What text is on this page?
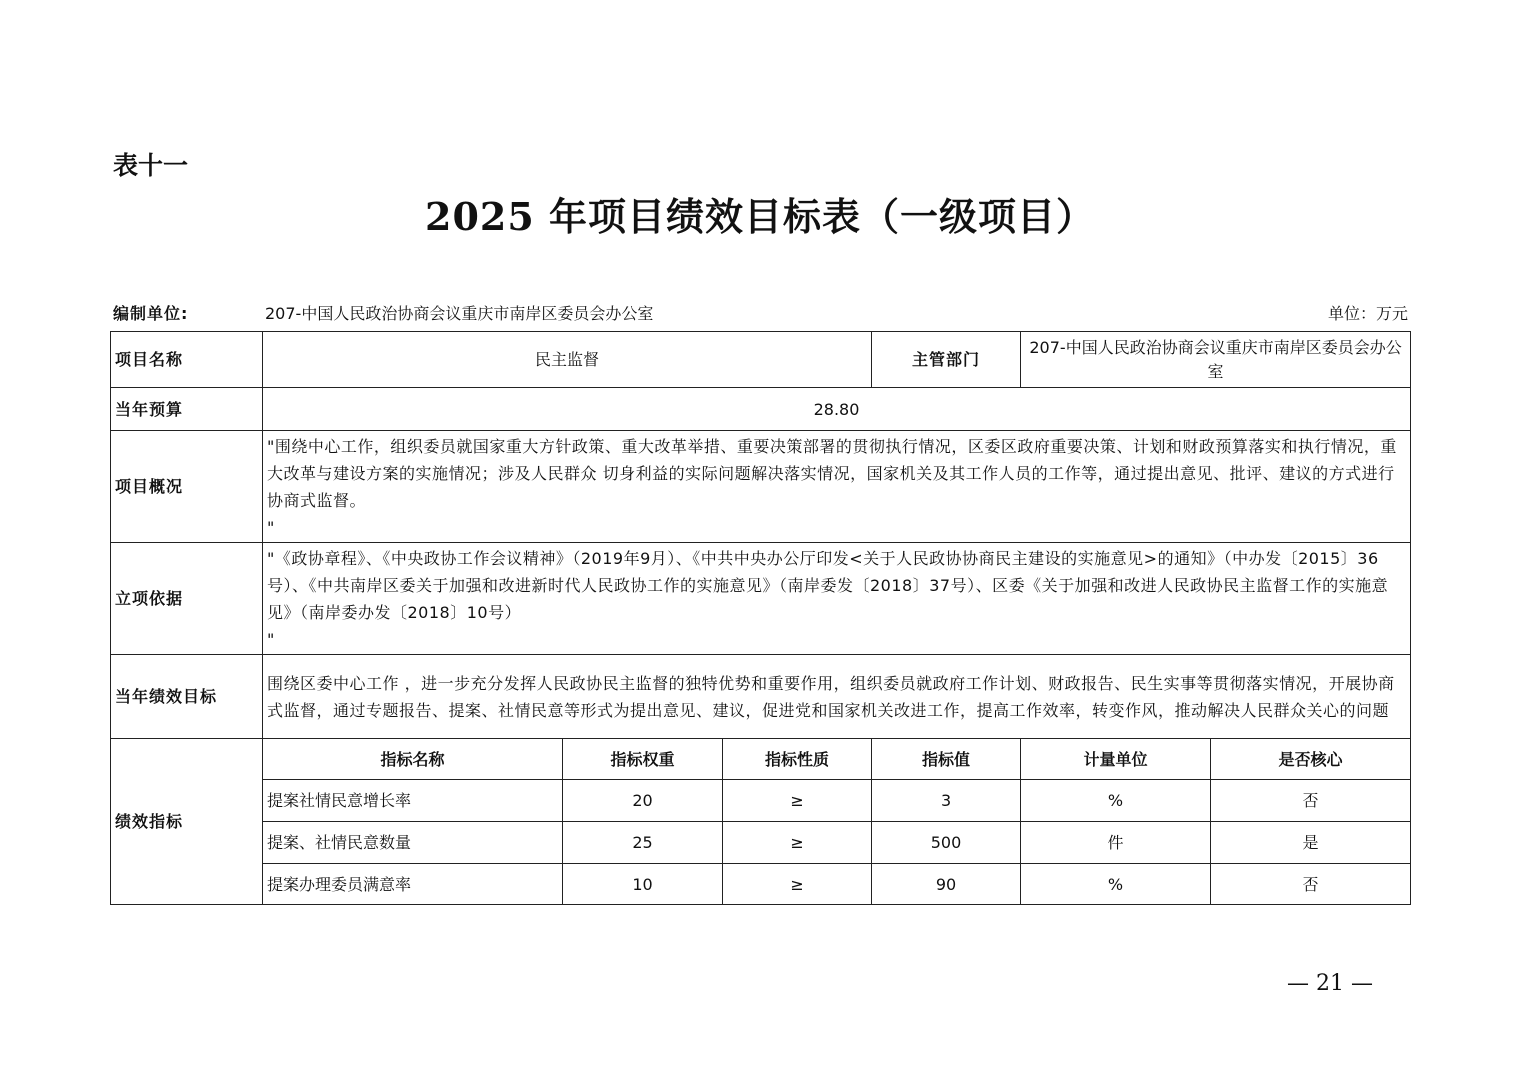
表十一
2025 年项目绩效目标表（一级项目）
编制单位:	207-中国人民政治协商会议重庆市南岸区委员会办公室	单位：万元
项目名称	民主监督			主管部门	207-中国人民政治协商会议重庆市南岸区委员会办公室	
当年预算	28.80					
项目概况	"围绕中心工作，组织委员就国家重大方针政策、重大改革举措、重要决策部署的贯彻执行情况，区委区政府重要决策、计划和财政预算落实和执行情况，重大改革与建设方案的实施情况；涉及人民群众 切身利益的实际问题解决落实情况，国家机关及其工作人员的工作等，通过提出意见、批评、建议的方式进行协商式监督。
"					
立项依据	"《政协章程》、《中央政协工作会议精神》（2019年9月）、《中共中央办公厅印发<关于人民政协协商民主建设的实施意见>的通知》（中办发〔2015〕36号）、《中共南岸区委关于加强和改进新时代人民政协工作的实施意见》（南岸委发〔2018〕37号）、区委《关于加强和改进人民政协民主监督工作的实施意见》（南岸委办发〔2018〕10号）
"					
当年绩效目标	围绕区委中心工作 ，进一步充分发挥人民政协民主监督的独特优势和重要作用，组织委员就政府工作计划、财政报告、民生实事等贯彻落实情况，开展协商式监督，通过专题报告、提案、社情民意等形式为提出意见、建议，促进党和国家机关改进工作，提高工作效率，转变作风，推动解决人民群众关心的问题					
绩效指标	指标名称	指标权重	指标性质	指标值	计量单位	是否核心
	提案社情民意增长率	20	≥	3	%	否
	提案、社情民意数量	25	≥	500	件	是
	提案办理委员满意率	10	≥	90	%	否
— 21 —
